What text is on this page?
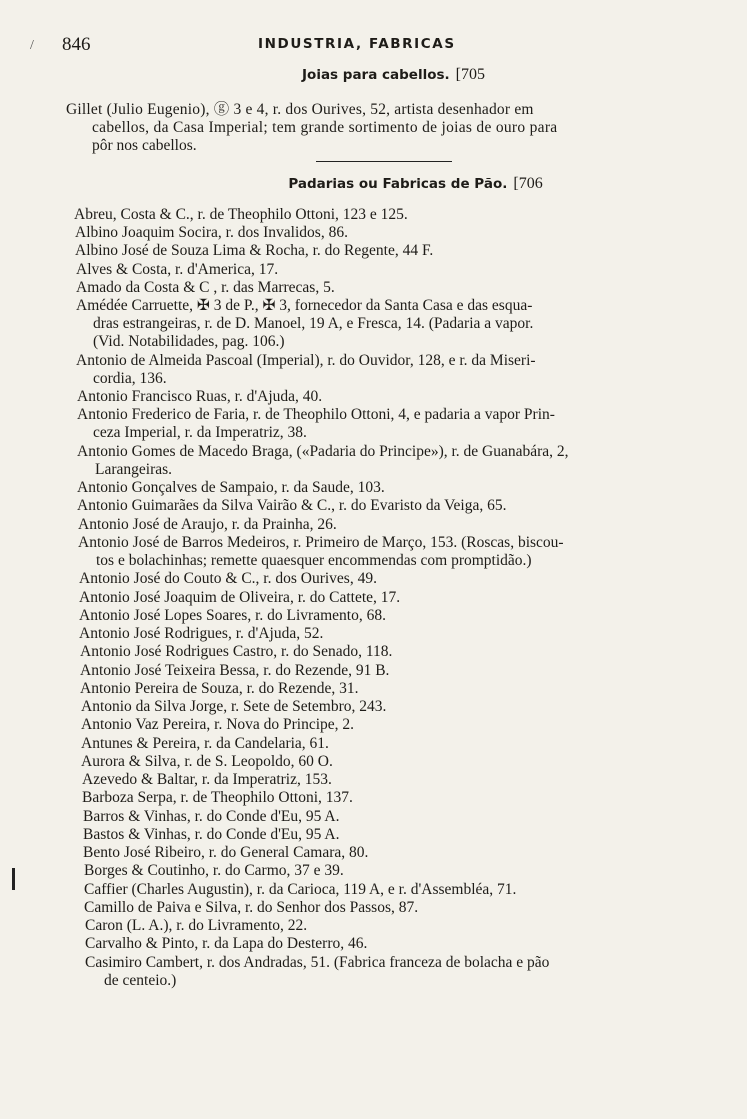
/ 846	INDUSTRIA, FABRICAS
Joias para cabellos. [705
Gillet (Julio Eugenio), ⓖ 3 e 4, r. dos Ourives, 52, artista desenhador em
cabellos, da Casa Imperial; tem grande sortimento de joias de ouro para
pôr nos cabellos.
Padarias ou Fabricas de Pão. [706
Abreu, Costa & C., r. de Theophilo Ottoni, 123 e 125.
Albino Joaquim Socira, r. dos Invalidos, 86.
Albino José de Souza Lima & Rocha, r. do Regente, 44 F.
Alves & Costa, r. d'America, 17.
Amado da Costa & C , r. das Marrecas, 5.
Amédée Carruette, ✠ 3 de P., ✠ 3, fornecedor da Santa Casa e das esqua-
dras estrangeiras, r. de D. Manoel, 19 A, e Fresca, 14. (Padaria a vapor.
(Vid. Notabilidades, pag. 106.)
Antonio de Almeida Pascoal (Imperial), r. do Ouvidor, 128, e r. da Miseri-
cordia, 136.
Antonio Francisco Ruas, r. d'Ajuda, 40.
Antonio Frederico de Faria, r. de Theophilo Ottoni, 4, e padaria a vapor Prin-
ceza Imperial, r. da Imperatriz, 38.
Antonio Gomes de Macedo Braga, («Padaria do Principe»), r. de Guanabára, 2,
Larangeiras.
Antonio Gonçalves de Sampaio, r. da Saude, 103.
Antonio Guimarães da Silva Vairão & C., r. do Evaristo da Veiga, 65.
Antonio José de Araujo, r. da Prainha, 26.
Antonio José de Barros Medeiros, r. Primeiro de Março, 153. (Roscas, biscou-
tos e bolachinhas; remette quaesquer encommendas com promptidão.)
Antonio José do Couto & C., r. dos Ourives, 49.
Antonio José Joaquim de Oliveira, r. do Cattete, 17.
Antonio José Lopes Soares, r. do Livramento, 68.
Antonio José Rodrigues, r. d'Ajuda, 52.
Antonio José Rodrigues Castro, r. do Senado, 118.
Antonio José Teixeira Bessa, r. do Rezende, 91 B.
Antonio Pereira de Souza, r. do Rezende, 31.
Antonio da Silva Jorge, r. Sete de Setembro, 243.
Antonio Vaz Pereira, r. Nova do Principe, 2.
Antunes & Pereira, r. da Candelaria, 61.
Aurora & Silva, r. de S. Leopoldo, 60 O.
Azevedo & Baltar, r. da Imperatriz, 153.
Barboza Serpa, r. de Theophilo Ottoni, 137.
Barros & Vinhas, r. do Conde d'Eu, 95 A.
Bastos & Vinhas, r. do Conde d'Eu, 95 A.
Bento José Ribeiro, r. do General Camara, 80.
Borges & Coutinho, r. do Carmo, 37 e 39.
Caffier (Charles Augustin), r. da Carioca, 119 A, e r. d'Assembléa, 71.
Camillo de Paiva e Silva, r. do Senhor dos Passos, 87.
Caron (L. A.), r. do Livramento, 22.
Carvalho & Pinto, r. da Lapa do Desterro, 46.
Casimiro Cambert, r. dos Andradas, 51. (Fabrica franceza de bolacha e pão
de centeio.)
